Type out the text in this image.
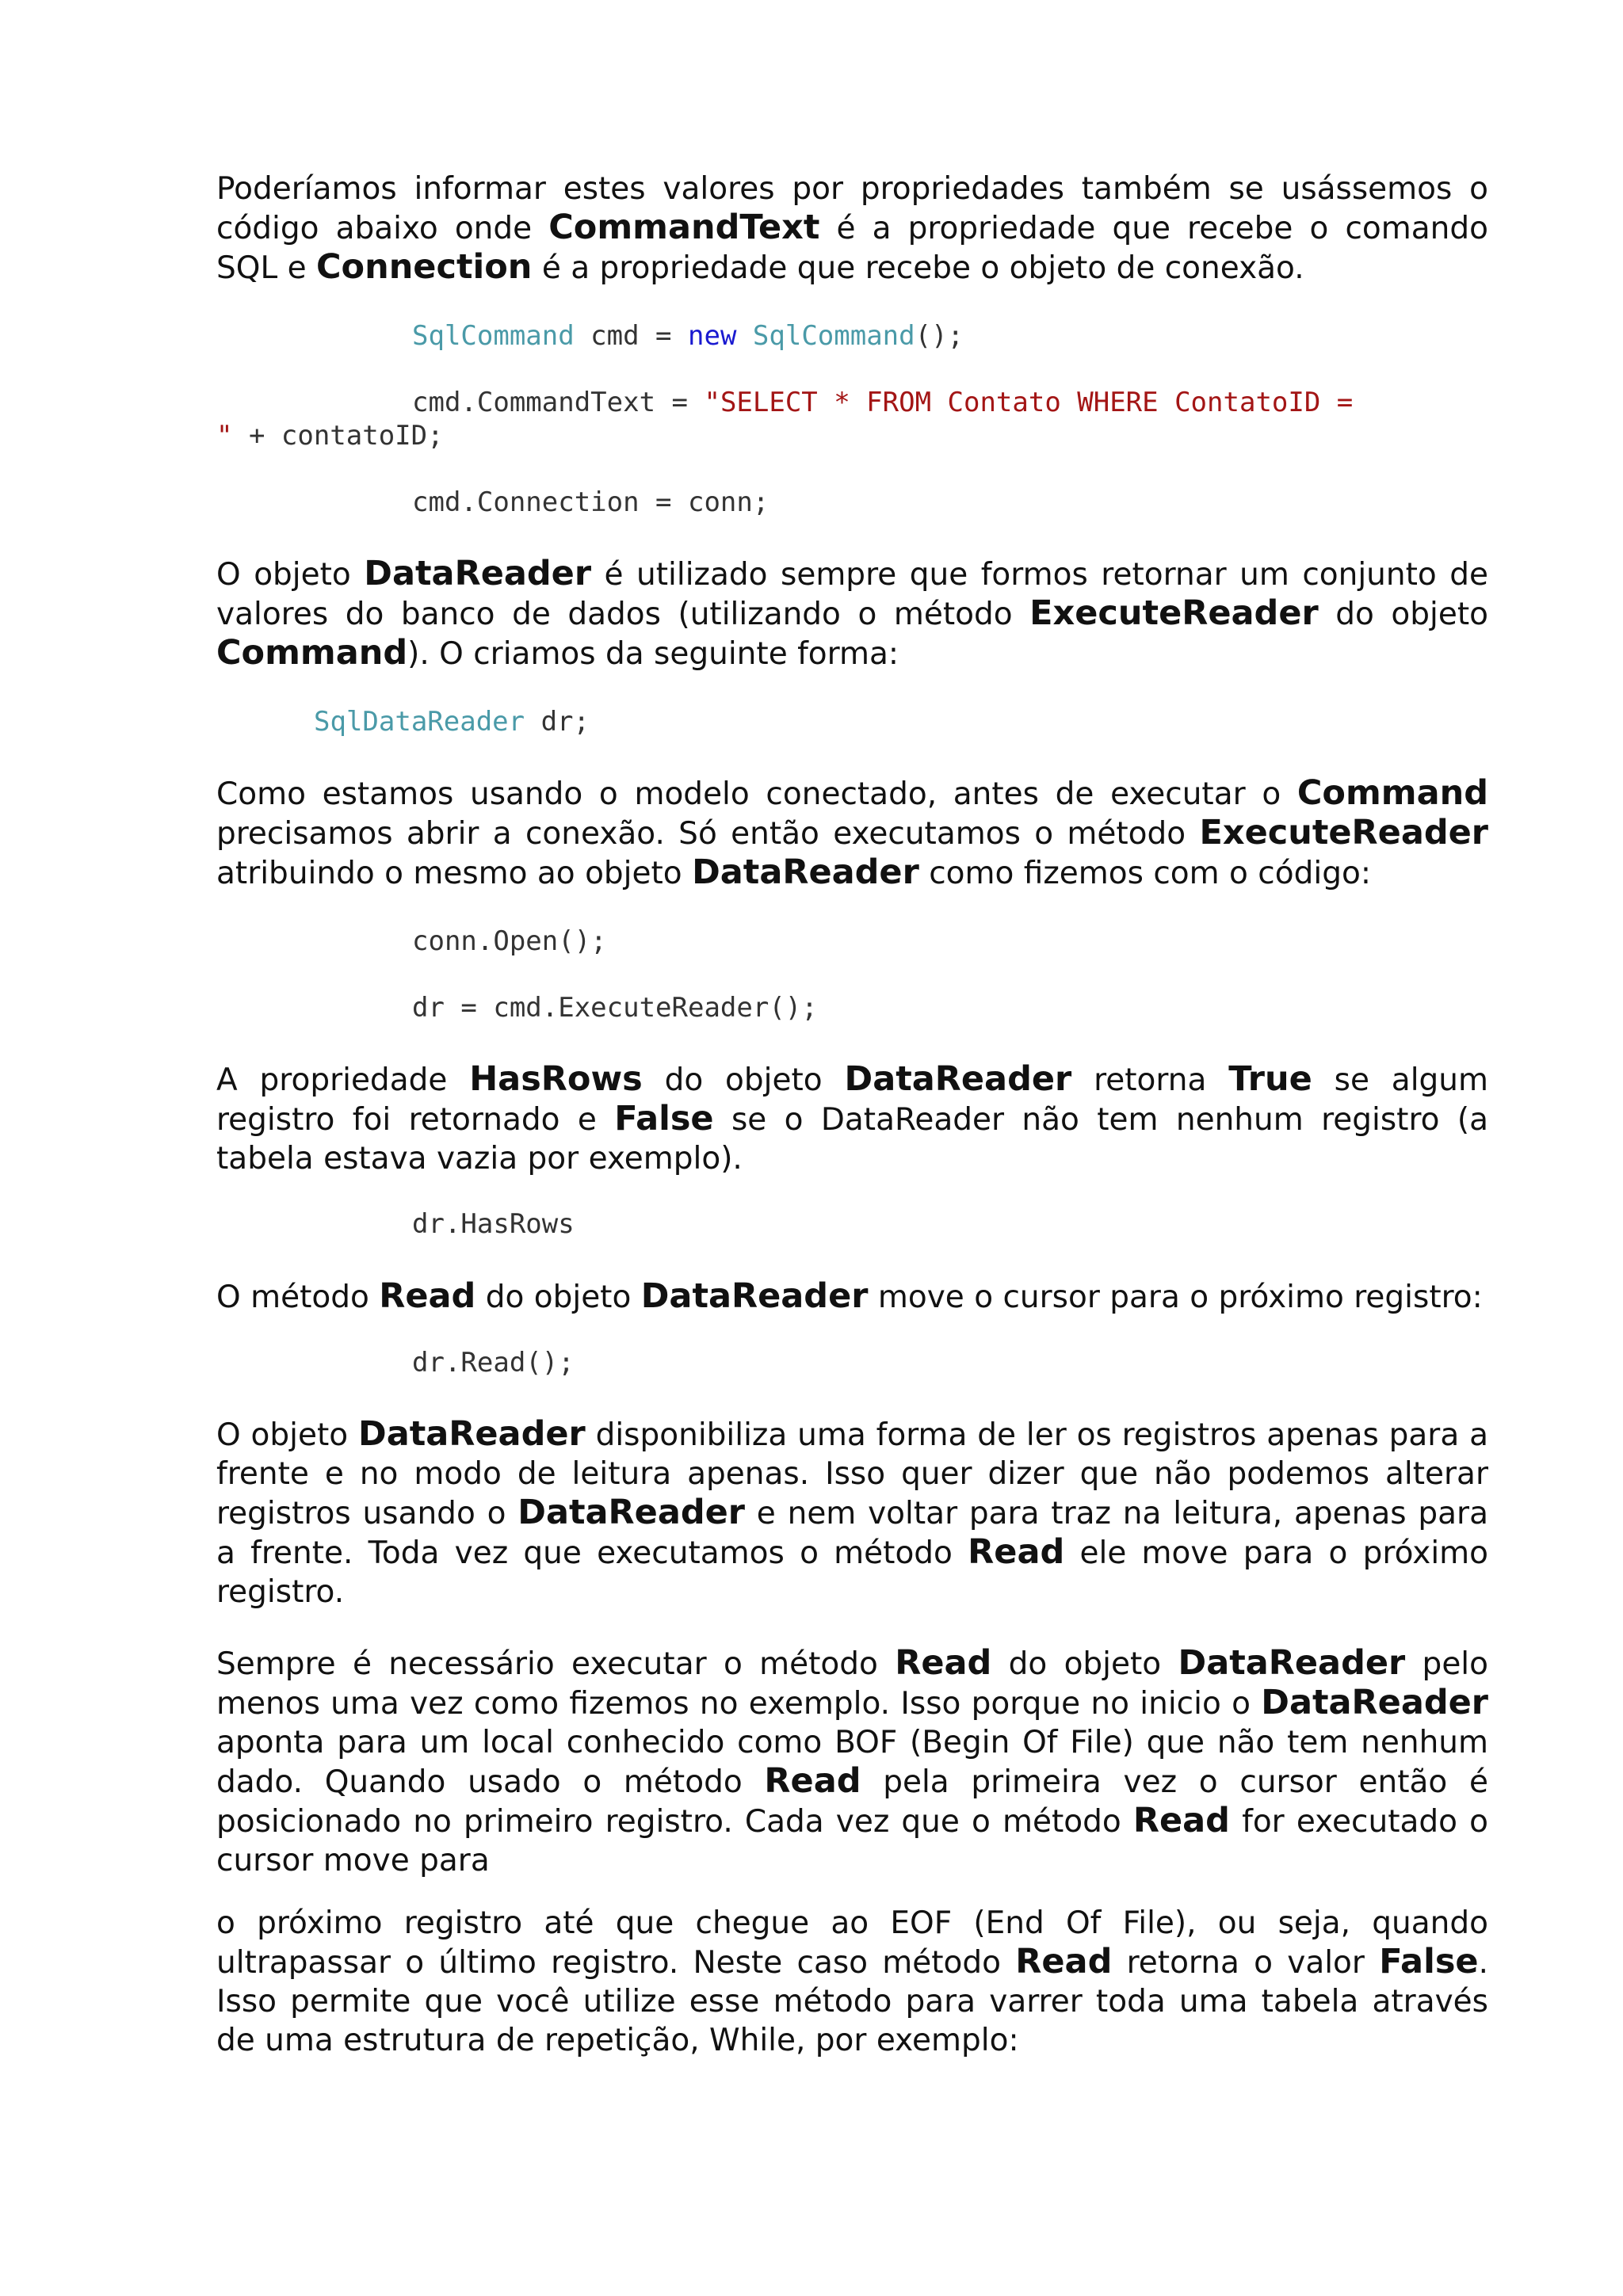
Poderíamos informar estes valores por propriedades também se usássemos o código abaixo onde CommandText é a propriedade que recebe o comando SQL e Connection é a propriedade que recebe o objeto de conexão.

SqlCommand cmd = new SqlCommand();
cmd.CommandText = "SELECT * FROM Contato WHERE ContatoID =
" + contatoID;
cmd.Connection = conn;

O objeto DataReader é utilizado sempre que formos retornar um conjunto de valores do banco de dados (utilizando o método ExecuteReader do objeto Command). O criamos da seguinte forma:

SqlDataReader dr;

Como estamos usando o modelo conectado, antes de executar o Command precisamos abrir a conexão. Só então executamos o método ExecuteReader atribuindo o mesmo ao objeto DataReader como fizemos com o código:

conn.Open();
dr = cmd.ExecuteReader();

A propriedade HasRows do objeto DataReader retorna True se algum registro foi retornado e False se o DataReader não tem nenhum registro (a tabela estava vazia por exemplo).

dr.HasRows

O método Read do objeto DataReader move o cursor para o próximo registro:

dr.Read();

O objeto DataReader disponibiliza uma forma de ler os registros apenas para a frente e no modo de leitura apenas. Isso quer dizer que não podemos alterar registros usando o DataReader e nem voltar para traz na leitura, apenas para a frente. Toda vez que executamos o método Read ele move para o próximo registro.

Sempre é necessário executar o método Read do objeto DataReader pelo menos uma vez como fizemos no exemplo. Isso porque no inicio o DataReader aponta para um local conhecido como BOF (Begin Of File) que não tem nenhum dado. Quando usado o método Read pela primeira vez o cursor então é posicionado no primeiro registro. Cada vez que o método Read for executado o cursor move para

o próximo registro até que chegue ao EOF (End Of File), ou seja, quando ultrapassar o último registro. Neste caso método Read retorna o valor False. Isso permite que você utilize esse método para varrer toda uma tabela através de uma estrutura de repetição, While, por exemplo:
